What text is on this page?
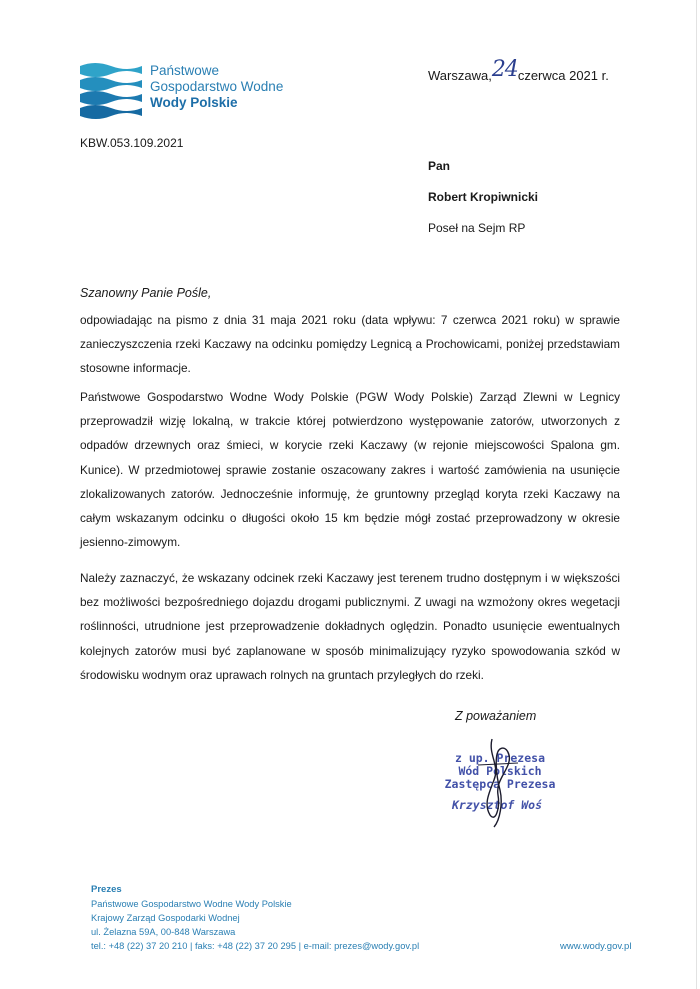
Państwowe
Gospodarstwo Wodne
Wody Polskie
Warszawa,24czerwca 2021 r.
KBW.053.109.2021
Pan
Robert Kropiwnicki
Poseł na Sejm RP
Szanowny Panie Pośle,

odpowiadając na pismo z dnia 31 maja 2021 roku (data wpływu: 7 czerwca 2021 roku) w sprawie zanieczyszczenia rzeki Kaczawy na odcinku pomiędzy Legnicą a Prochowicami, poniżej przedstawiam stosowne informacje.

Państwowe Gospodarstwo Wodne Wody Polskie (PGW Wody Polskie) Zarząd Zlewni w Legnicy przeprowadził wizję lokalną, w trakcie której potwierdzono występowanie zatorów, utworzonych z odpadów drzewnych oraz śmieci, w korycie rzeki Kaczawy (w rejonie miejscowości Spalona gm. Kunice). W przedmiotowej sprawie zostanie oszacowany zakres i wartość zamówienia na usunięcie zlokalizowanych zatorów. Jednocześnie informuję, że gruntowny przegląd koryta rzeki Kaczawy na całym wskazanym odcinku o długości około 15 km będzie mógł zostać przeprowadzony w okresie jesienno-zimowym.

Należy zaznaczyć, że wskazany odcinek rzeki Kaczawy jest terenem trudno dostępnym i w większości bez możliwości bezpośredniego dojazdu drogami publicznymi. Z uwagi na wzmożony okres wegetacji roślinności, utrudnione jest przeprowadzenie dokładnych oględzin. Ponadto usunięcie ewentualnych kolejnych zatorów musi być zaplanowane w sposób minimalizujący ryzyko spowodowania szkód w środowisku wodnym oraz uprawach rolnych na gruntach przyległych do rzeki.

Z poważaniem
z up. Prezesa
Wód Polskich
Zastępca Prezesa
Krzysztof Woś
Prezes
Państwowe Gospodarstwo Wodne Wody Polskie
Krajowy Zarząd Gospodarki Wodnej
ul. Żelazna 59A, 00-848 Warszawa
tel.: +48 (22) 37 20 210 | faks: +48 (22) 37 20 295 | e-mail: prezes@wody.gov.pl	www.wody.gov.pl
